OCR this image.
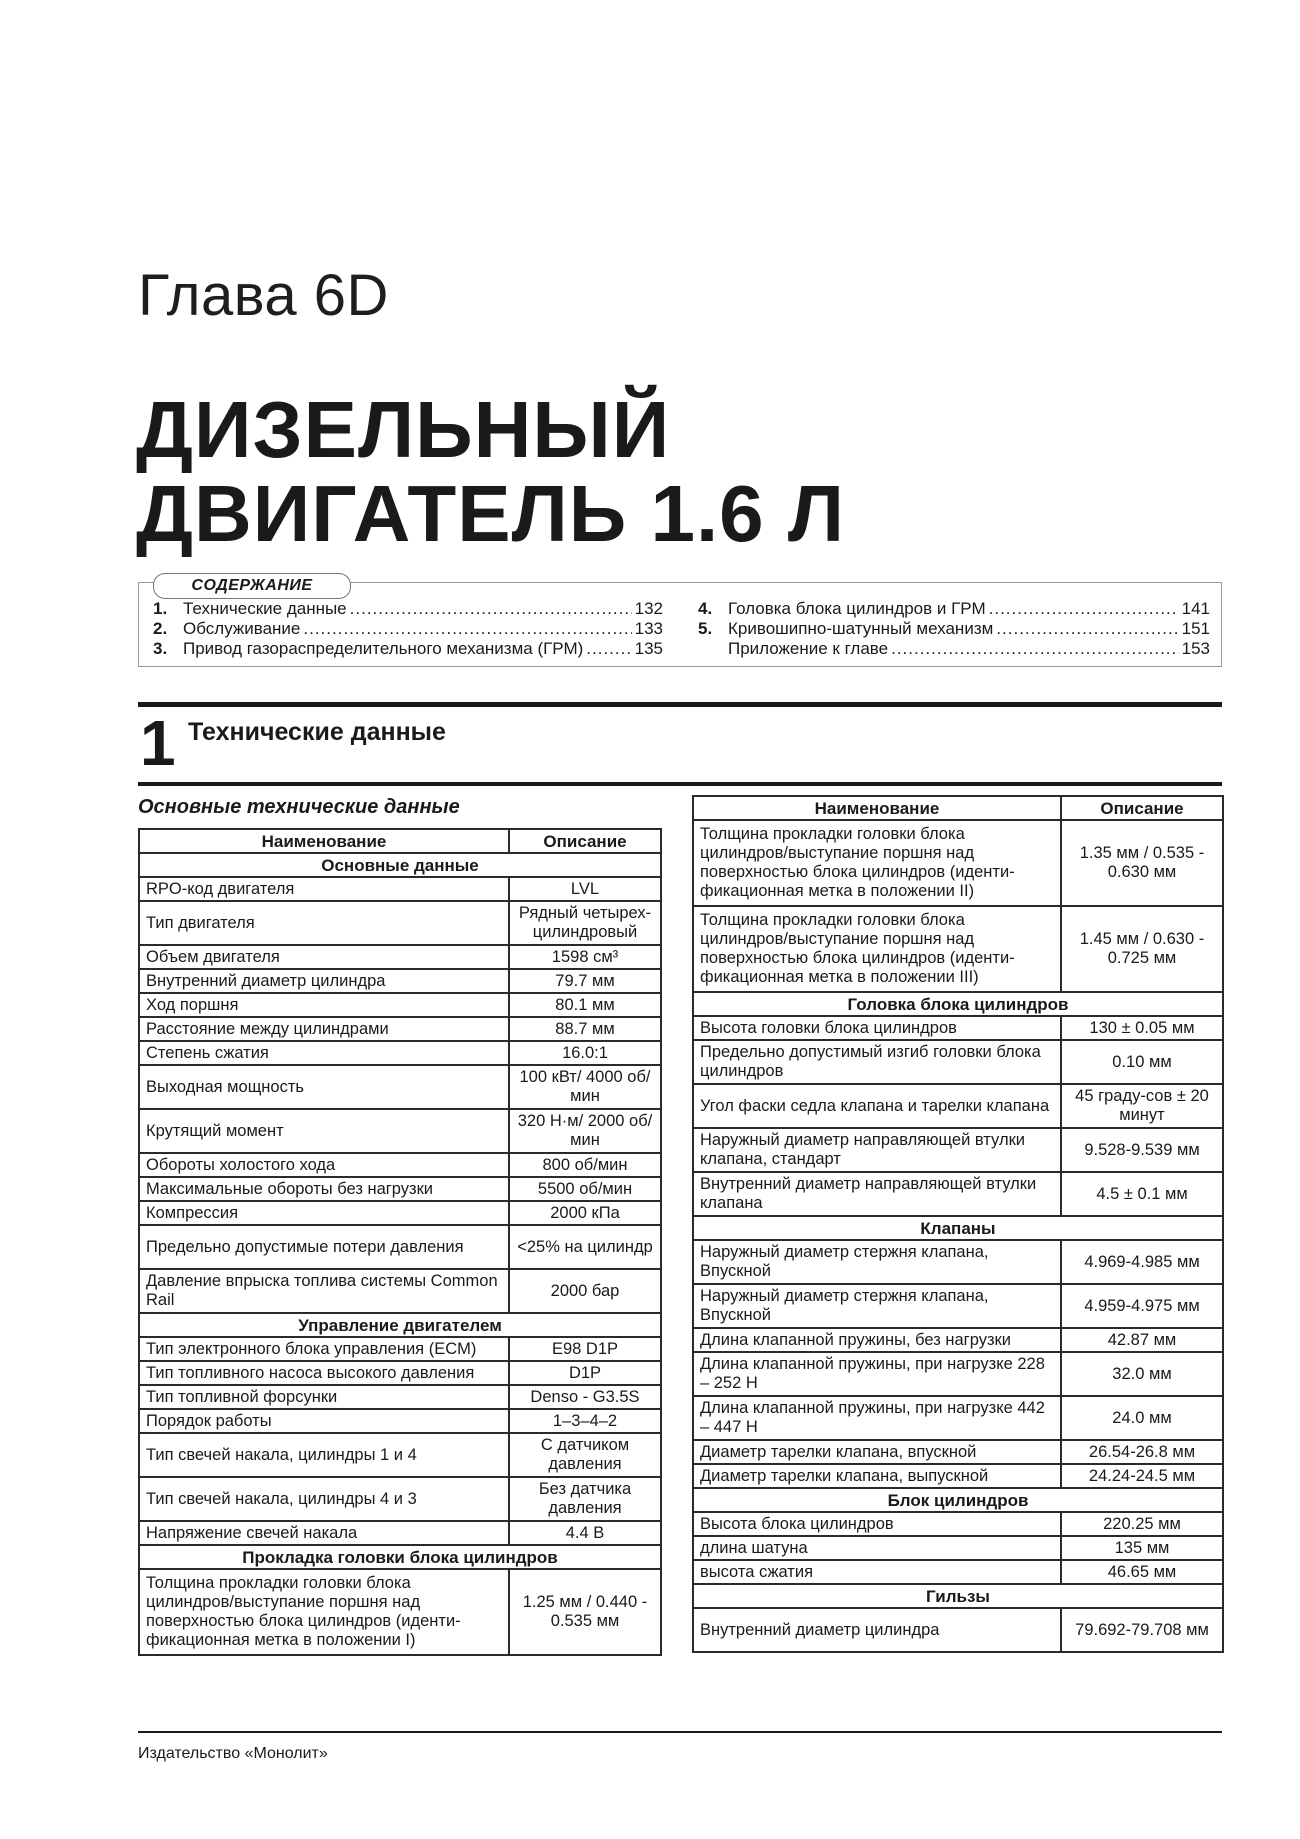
Глава 6D
ДИЗЕЛЬНЫЙ
ДВИГАТЕЛЬ 1.6 Л
СОДЕРЖАНИЕ
1. Технические данные .....	132
2. Обслуживание .....	133
3. Привод газораспределительного механизма (ГРМ) .....	135
4. Головка блока цилиндров и ГРМ .....	141
5. Кривошипно-шатунный механизм .....	151
Приложение к главе .....	153
1 Технические данные
Основные технические данные
Наименование	Описание
Основные данные	
RPO-код двигателя	LVL
Тип двигателя	Рядный четырех-цилиндровый
Объем двигателя	1598 см³
Внутренний диаметр цилиндра	79.7 мм
Ход поршня	80.1 мм
Расстояние между цилиндрами	88.7 мм
Степень сжатия	16.0:1
Выходная мощность	100 кВт/ 4000 об/мин
Крутящий момент	320 Н·м/ 2000 об/мин
Обороты холостого хода	800 об/мин
Максимальные обороты без нагрузки	5500 об/мин
Компрессия	2000 кПа
Предельно допустимые потери давления	<25% на цилиндр
Давление впрыска топлива системы Common Rail	2000 бар
Управление двигателем	
Тип электронного блока управления (ECM)	E98 D1P
Тип топливного насоса высокого давления	D1P
Тип топливной форсунки	Denso - G3.5S
Порядок работы	1–3–4–2
Тип свечей накала, цилиндры 1 и 4	С датчиком давления
Тип свечей накала, цилиндры 4 и 3	Без датчика давления
Напряжение свечей накала	4.4 В
Прокладка головки блока цилиндров	
Толщина прокладки головки блока цилиндров/выступание поршня над поверхностью блока цилиндров (иденти-фикационная метка в положении I)	1.25 мм / 0.440 - 0.535 мм
Наименование	Описание
Толщина прокладки головки блока цилиндров/выступание поршня над поверхностью блока цилиндров (иденти-фикационная метка в положении II)	1.35 мм / 0.535 - 0.630 мм
Толщина прокладки головки блока цилиндров/выступание поршня над поверхностью блока цилиндров (иденти-фикационная метка в положении III)	1.45 мм / 0.630 - 0.725 мм
Головка блока цилиндров	
Высота головки блока цилиндров	130 ± 0.05 мм
Предельно допустимый изгиб головки блока цилиндров	0.10 мм
Угол фаски седла клапана и тарелки клапана	45 граду-сов ± 20 минут
Наружный диаметр направляющей втулки клапана, стандарт	9.528-9.539 мм
Внутренний диаметр направляющей втулки клапана	4.5 ± 0.1 мм
Клапаны	
Наружный диаметр стержня клапана, Впускной	4.969-4.985 мм
Наружный диаметр стержня клапана, Впускной	4.959-4.975 мм
Длина клапанной пружины, без нагрузки	42.87 мм
Длина клапанной пружины, при нагрузке 228 – 252 Н	32.0 мм
Длина клапанной пружины, при нагрузке 442 – 447 Н	24.0 мм
Диаметр тарелки клапана, впускной	26.54-26.8 мм
Диаметр тарелки клапана, выпускной	24.24-24.5 мм
Блок цилиндров	
Высота блока цилиндров	220.25 мм
длина шатуна	135 мм
высота сжатия	46.65 мм
Гильзы	
Внутренний диаметр цилиндра	79.692-79.708 мм
Издательство «Монолит»
